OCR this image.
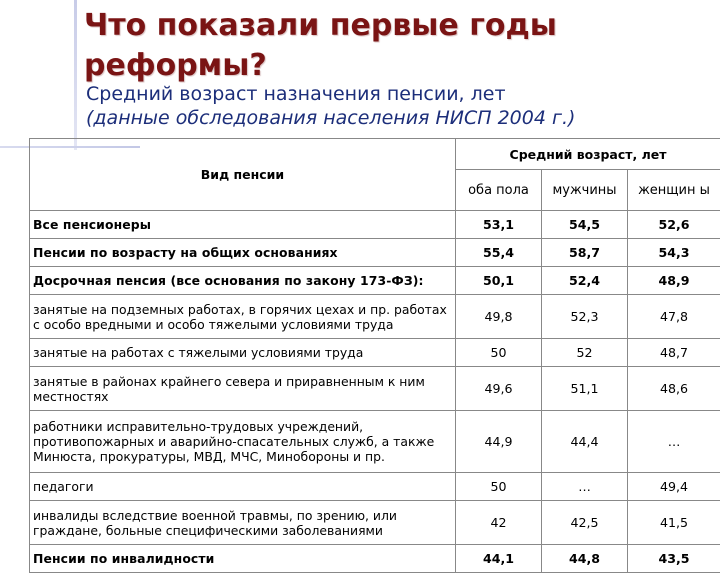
Что показали первые годы реформы?
Средний возраст назначения пенсии, лет
(данные обследования населения НИСП 2004 г.)
Вид пенсии	Средний возраст, лет		
	оба пола	мужчины	женщин ы
Все пенсионеры	53,1	54,5	52,6
Пенсии по возрасту на общих основаниях	55,4	58,7	54,3
Досрочная пенсия (все основания по закону 173-ФЗ):	50,1	52,4	48,9
занятые на подземных работах, в горячих цехах и пр. работах с особо вредными и особо тяжелыми условиями труда	49,8	52,3	47,8
занятые на работах с тяжелыми условиями труда	50	52	48,7
занятые в районах крайнего севера и приравненным к ним местностях	49,6	51,1	48,6
работники исправительно-трудовых учреждений, противопожарных и аварийно-спасательных служб, а также Минюста, прокуратуры, МВД, МЧС, Минобороны и пр.	44,9	44,4	…
педагоги	50	…	49,4
инвалиды вследствие военной травмы, по зрению, или гражданe, больные специфическими заболеваниями	42	42,5	41,5
Пенсии по инвалидности	44,1	44,8	43,5
